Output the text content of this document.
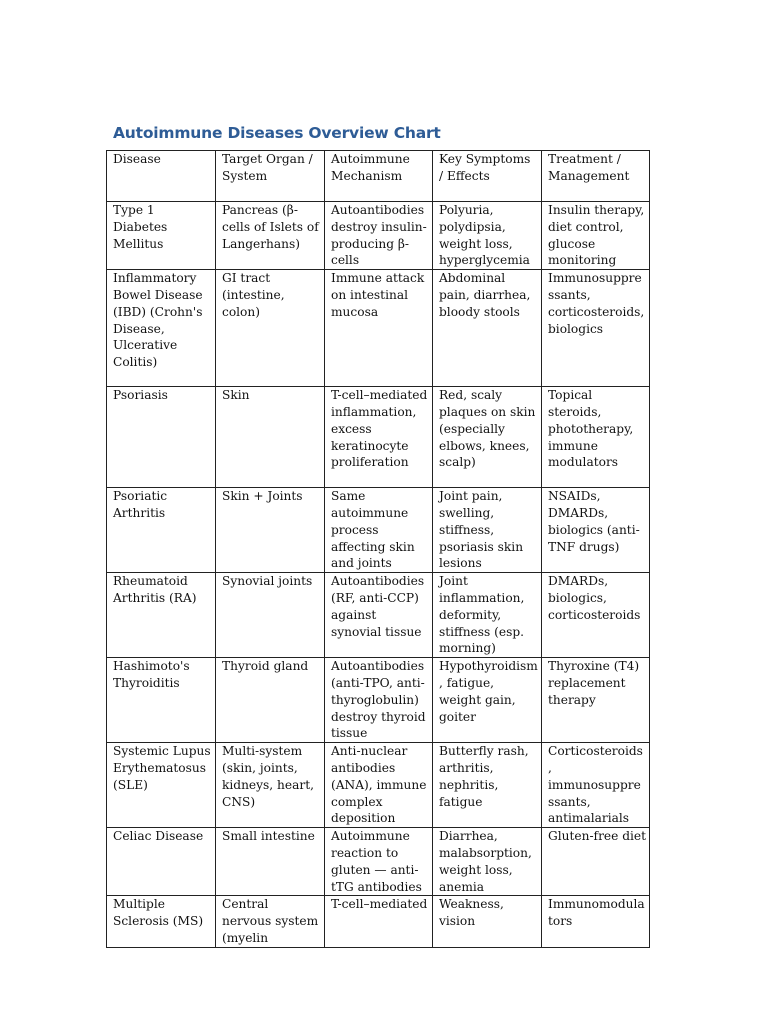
Autoimmune Diseases Overview Chart
Disease	Target Organ / System	Autoimmune Mechanism	Key Symptoms / Effects	Treatment / Management
Type 1 Diabetes Mellitus	Pancreas (β-cells of Islets of Langerhans)	Autoantibodies destroy insulin-producing β-cells	Polyuria, polydipsia, weight loss, hyperglycemia	Insulin therapy, diet control, glucose monitoring
Inflammatory Bowel Disease (IBD) (Crohn's Disease, Ulcerative Colitis)	GI tract (intestine, colon)	Immune attack on intestinal mucosa	Abdominal pain, diarrhea, bloody stools	Immunosuppressants, corticosteroids, biologics
Psoriasis	Skin	T-cell–mediated inflammation, excess keratinocyte proliferation	Red, scaly plaques on skin (especially elbows, knees, scalp)	Topical steroids, phototherapy, immune modulators
Psoriatic Arthritis	Skin + Joints	Same autoimmune process affecting skin and joints	Joint pain, swelling, stiffness, psoriasis skin lesions	NSAIDs, DMARDs, biologics (anti-TNF drugs)
Rheumatoid Arthritis (RA)	Synovial joints	Autoantibodies (RF, anti-CCP) against synovial tissue	Joint inflammation, deformity, stiffness (esp. morning)	DMARDs, biologics, corticosteroids
Hashimoto's Thyroiditis	Thyroid gland	Autoantibodies (anti-TPO, anti-thyroglobulin) destroy thyroid tissue	Hypothyroidism, fatigue, weight gain, goiter	Thyroxine (T4) replacement therapy
Systemic Lupus Erythematosus (SLE)	Multi-system (skin, joints, kidneys, heart, CNS)	Anti-nuclear antibodies (ANA), immune complex deposition	Butterfly rash, arthritis, nephritis, fatigue	Corticosteroids, immunosuppressants, antimalarials
Celiac Disease	Small intestine	Autoimmune reaction to gluten — anti-tTG antibodies	Diarrhea, malabsorption, weight loss, anemia	Gluten-free diet
Multiple Sclerosis (MS)	Central nervous system (myelin	T-cell–mediated	Weakness, vision	Immunomodulators
